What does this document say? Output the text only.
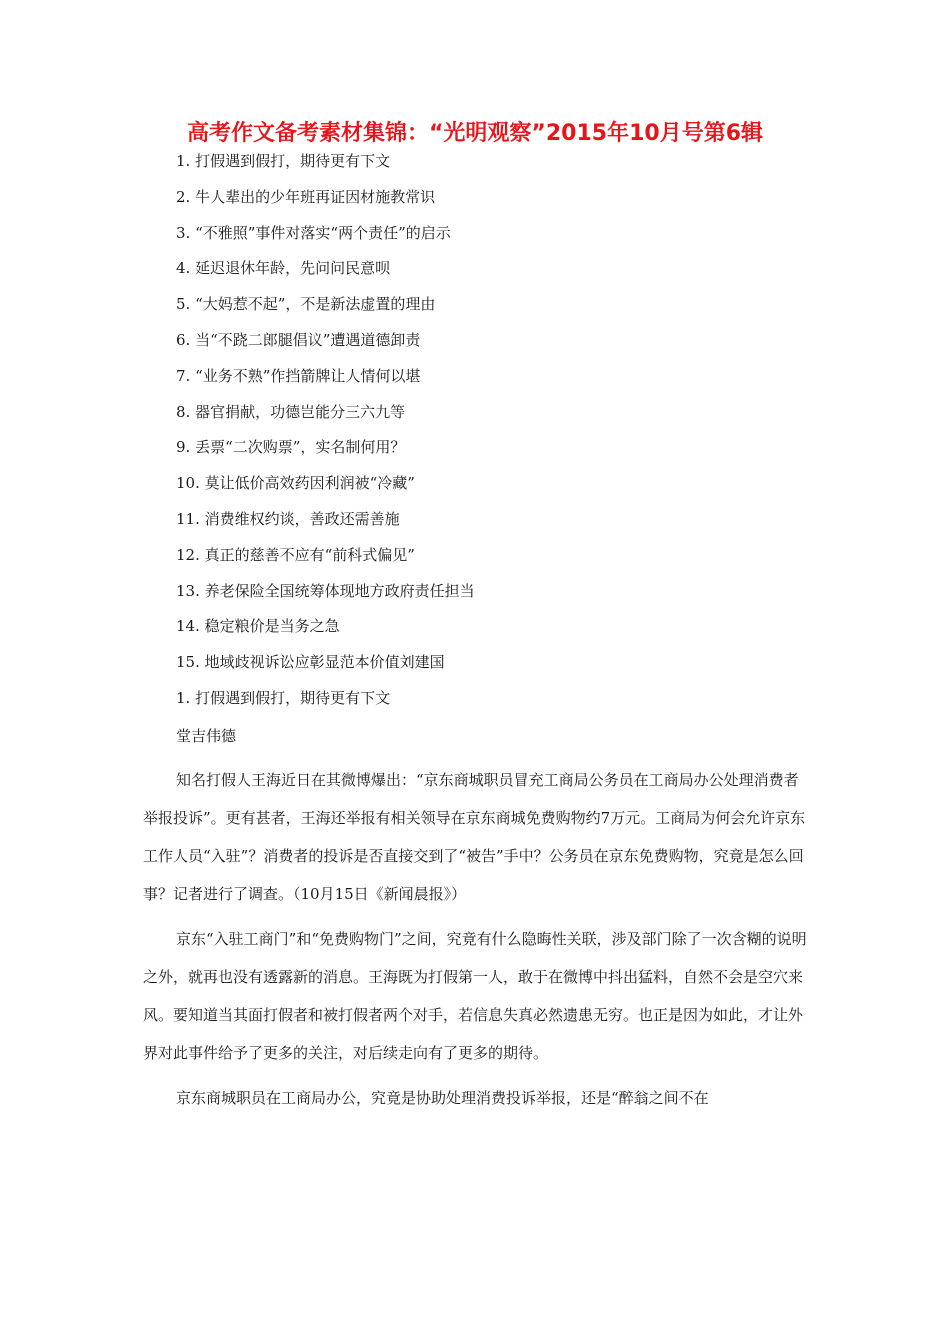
高考作文备考素材集锦：“光明观察”2015年10月号第6辑
1. 打假遇到假打，期待更有下文
2. 牛人辈出的少年班再证因材施教常识
3. “不雅照”事件对落实“两个责任”的启示
4. 延迟退休年龄，先问问民意呗
5. “大妈惹不起”，不是新法虚置的理由
6. 当“不跷二郎腿倡议”遭遇道德卸责
7. “业务不熟”作挡箭牌让人情何以堪
8. 器官捐献，功德岂能分三六九等
9. 丢票“二次购票”，实名制何用？
10. 莫让低价高效药因利润被“冷藏”
11. 消费维权约谈，善政还需善施
12. 真正的慈善不应有“前科式偏见”
13. 养老保险全国统筹体现地方政府责任担当
14. 稳定粮价是当务之急
15. 地域歧视诉讼应彰显范本价值刘建国
1. 打假遇到假打，期待更有下文
堂吉伟德

知名打假人王海近日在其微博爆出：“京东商城职员冒充工商局公务员在工商局办公处理消费者举报投诉”。更有甚者，王海还举报有相关领导在京东商城免费购物约7万元。工商局为何会允许京东工作人员“入驻”？消费者的投诉是否直接交到了“被告”手中？公务员在京东免费购物，究竟是怎么回事？记者进行了调查。（10月15日《新闻晨报》）

京东“入驻工商门”和“免费购物门”之间，究竟有什么隐晦性关联，涉及部门除了一次含糊的说明之外，就再也没有透露新的消息。王海既为打假第一人，敢于在微博中抖出猛料，自然不会是空穴来风。要知道当其面打假者和被打假者两个对手，若信息失真必然遗患无穷。也正是因为如此，才让外界对此事件给予了更多的关注，对后续走向有了更多的期待。

京东商城职员在工商局办公，究竟是协助处理消费投诉举报，还是“醉翁之间不在
